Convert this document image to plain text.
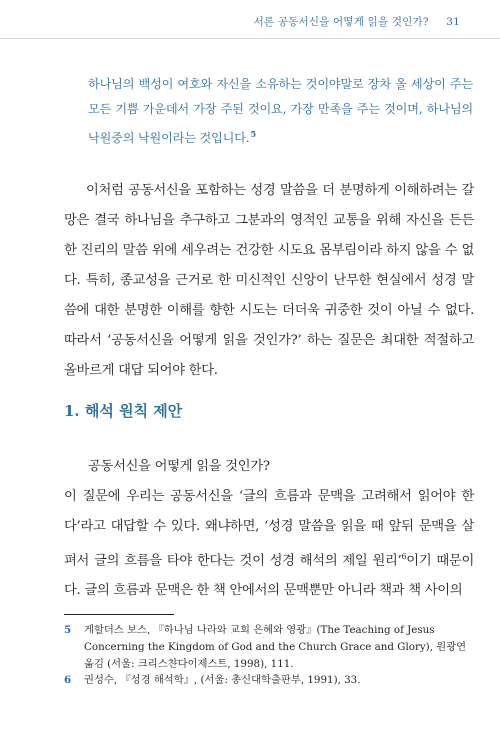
서론 공동서신을 어떻게 읽을 것인가? 31
하나님의 백성이 여호와 자신을 소유하는 것이야말로 장차 올 세상이 주는 모든 기쁨 가운데서 가장 주된 것이요, 가장 만족을 주는 것이며, 하나님의 낙원중의 낙원이라는 것입니다.$^5$

이처럼 공동서신을 포함하는 성경 말씀을 더 분명하게 이해하려는 갈망은 결국 하나님을 추구하고 그분과의 영적인 교통을 위해 자신을 든든한 진리의 말씀 위에 세우려는 건강한 시도요 몸부림이라 하지 않을 수 없다. 특히, 종교성을 근거로 한 미신적인 신앙이 난무한 현실에서 성경 말씀에 대한 분명한 이해를 향한 시도는 더더욱 귀중한 것이 아닐 수 없다. 따라서 ‘공동서신을 어떻게 읽을 것인가?’ 하는 질문은 최대한 적절하고 올바르게 대답 되어야 한다.

1. 해석 원칙 제안

공동서신을 어떻게 읽을 것인가?

이 질문에 우리는 공동서신을 ‘글의 흐름과 문맥을 고려해서 읽어야 한다’라고 대답할 수 있다. 왜냐하면, ‘성경 말씀을 읽을 때 앞뒤 문맥을 살펴서 글의 흐름을 타야 한다는 것이 성경 해석의 제일 원리’$^6$이기 때문이다. 글의 흐름과 문맥은 한 책 안에서의 문맥뿐만 아니라 책과 책 사이의

5 게할더스 보스, 『하나님 나라와 교회 은혜와 영광』(The Teaching of Jesus Concerning the Kingdom of God and the Church Grace and Glory), 원광연 옮김 (서울: 크리스챤다이제스트, 1998), 111.
6 권성수, 『성경 해석학』, (서울: 총신대학출판부, 1991), 33.
